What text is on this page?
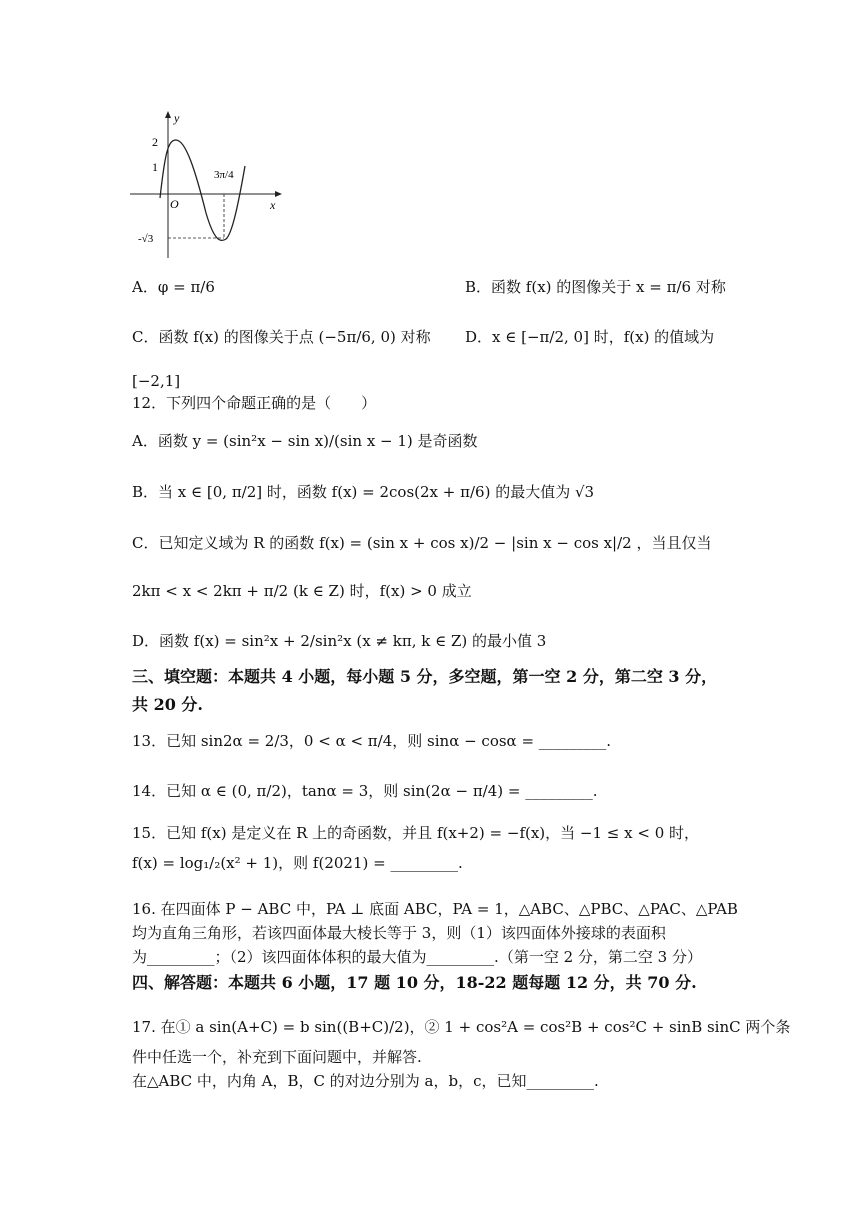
y
x
O
2
1
-√3
3π/4
A．φ = π/6	B．函数 f(x) 的图像关于 x = π/6 对称
C．函数 f(x) 的图像关于点 (−5π/6, 0) 对称 D．x ∈ [−π/2, 0] 时，f(x) 的值域为
[−2,1]
12．下列四个命题正确的是（　　）
A．函数 y = (sin²x − sin x)/(sin x − 1) 是奇函数
B．当 x ∈ [0, π/2] 时，函数 f(x) = 2cos(2x + π/6) 的最大值为 √3
C．已知定义域为 R 的函数 f(x) = (sin x + cos x)/2 − |sin x − cos x|/2 ，当且仅当
2kπ < x < 2kπ + π/2 (k ∈ Z) 时，f(x) > 0 成立
D．函数 f(x) = sin²x + 2/sin²x (x ≠ kπ, k ∈ Z) 的最小值 3
三、填空题：本题共 4 小题，每小题 5 分，多空题，第一空 2 分，第二空 3 分，
共 20 分.
13．已知 sin2α = 2/3，0 < α < π/4，则 sinα − cosα = _________.
14．已知 α ∈ (0, π/2)，tanα = 3，则 sin(2α − π/4) = _________.
15．已知 f(x) 是定义在 R 上的奇函数，并且 f(x+2) = −f(x)，当 −1 ≤ x < 0 时，
f(x) = log₁/₂(x² + 1)，则 f(2021) = _________.
16. 在四面体 P − ABC 中，PA ⊥ 底面 ABC，PA = 1，△ABC、△PBC、△PAC、△PAB
均为直角三角形，若该四面体最大棱长等于 3，则（1）该四面体外接球的表面积
为_________；（2）该四面体体积的最大值为_________.（第一空 2 分，第二空 3 分）
四、解答题：本题共 6 小题，17 题 10 分，18-22 题每题 12 分，共 70 分.
17. 在① a sin(A+C) = b sin((B+C)/2)，② 1 + cos²A = cos²B + cos²C + sinB sinC 两个条
件中任选一个，补充到下面问题中，并解答.
在△ABC 中，内角 A，B，C 的对边分别为 a，b，c，已知_________.
